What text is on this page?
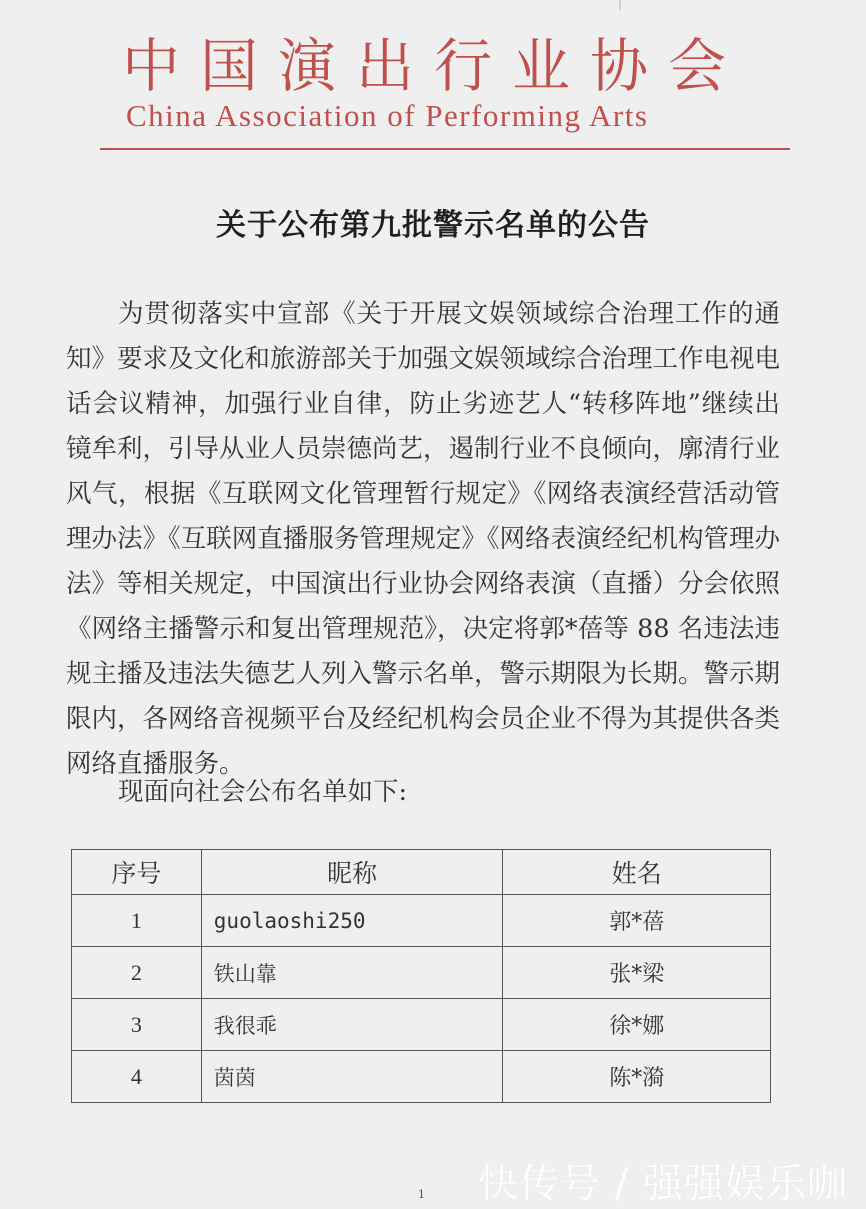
中国演出行业协会
China Association of Performing Arts
关于公布第九批警示名单的公告

为贯彻落实中宣部《关于开展文娱领域综合治理工作的通知》要求及文化和旅游部关于加强文娱领域综合治理工作电视电话会议精神，加强行业自律，防止劣迹艺人“转移阵地”继续出镜牟利，引导从业人员崇德尚艺，遏制行业不良倾向，廓清行业风气，根据《互联网文化管理暂行规定》《网络表演经营活动管理办法》《互联网直播服务管理规定》《网络表演经纪机构管理办法》等相关规定，中国演出行业协会网络表演（直播）分会依照《网络主播警示和复出管理规范》，决定将郭*蓓等 88 名违法违规主播及违法失德艺人列入警示名单，警示期限为长期。警示期限内，各网络音视频平台及经纪机构会员企业不得为其提供各类网络直播服务。

现面向社会公布名单如下:
序号	昵称	姓名
1	guolaoshi250	郭*蓓
2	铁山靠	张*梁
3	我很乖	徐*娜
4	茵茵	陈*漪
1 快传号 / 强强娱乐咖
